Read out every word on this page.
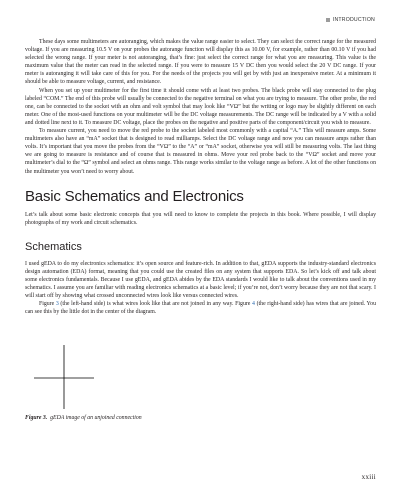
INTRODUCTION

These days some multimeters are autoranging, which makes the value range easier to select. They can select the correct range for the measured voltage. If you are measuring 10.5 V on your probes the autorange function will display this as 10.00 V, for example, rather than 00.10 V if you had selected the wrong range. If your meter is not autoranging, that’s fine: just select the correct range for what you are measuring. This value is the maximum value that the meter can read in the selected range. If you were to measure 15 V DC then you would select the 20 V DC range. If your meter is autoranging it will take care of this for you. For the needs of the projects you will get by with just an inexpensive meter. At a minimum it should be able to measure voltage, current, and resistance.

When you set up your multimeter for the first time it should come with at least two probes. The black probe will stay connected to the plug labeled “COM.” The end of this probe will usually be connected to the negative terminal on what you are trying to measure. The other probe, the red one, can be connected to the socket with an ohm and volt symbol that may look like “VΩ” but the writing or logo may be slightly different on each meter. One of the most-used functions on your multimeter will be the DC voltage measurements. The DC range will be indicated by a V with a solid and dotted line next to it. To measure DC voltage, place the probes on the negative and positive parts of the component/circuit you wish to measure.

To measure current, you need to move the red probe to the socket labeled most commonly with a capital “A.” This will measure amps. Some multimeters also have an “mA” socket that is designed to read milliamps. Select the DC voltage range and now you can measure amps rather than volts. It’s important that you move the probes from the “VΩ” to the “A” or “mA” socket, otherwise you will still be measuring volts. The last thing we are going to measure is resistance and of course that is measured in ohms. Move your red probe back to the “VΩ” socket and move your multimeter’s dial to the “Ω” symbol and select an ohms range. This range works similar to the voltage range as before. A lot of the other functions on the multimeter you won’t need to worry about.

Basic Schematics and Electronics

Let’s talk about some basic electronic concepts that you will need to know to complete the projects in this book. Where possible, I will display photographs of my work and circuit schematics.

Schematics

I used gEDA to do my electronics schematics: it’s open source and feature-rich. In addition to that, gEDA supports the industry-standard electronics design automation (EDA) format, meaning that you could use the created files on any system that supports EDA. So let’s kick off and talk about some electronics fundamentals. Because I use gEDA, and gEDA abides by the EDA standards I would like to talk about the conventions used in my schematics. I assume you are familiar with reading electronics schematics at a basic level; if you’re not, don’t worry because they are not that scary. I will start off by showing what crossed unconnected wires look like versus connected wires.

Figure 3 (the left-hand side) is what wires look like that are not joined in any way. Figure 4 (the right-hand side) has wires that are joined. You can see this by the little dot in the center of the diagram.

Figure 3. gEDA image of an unjoined connection
xxiii
